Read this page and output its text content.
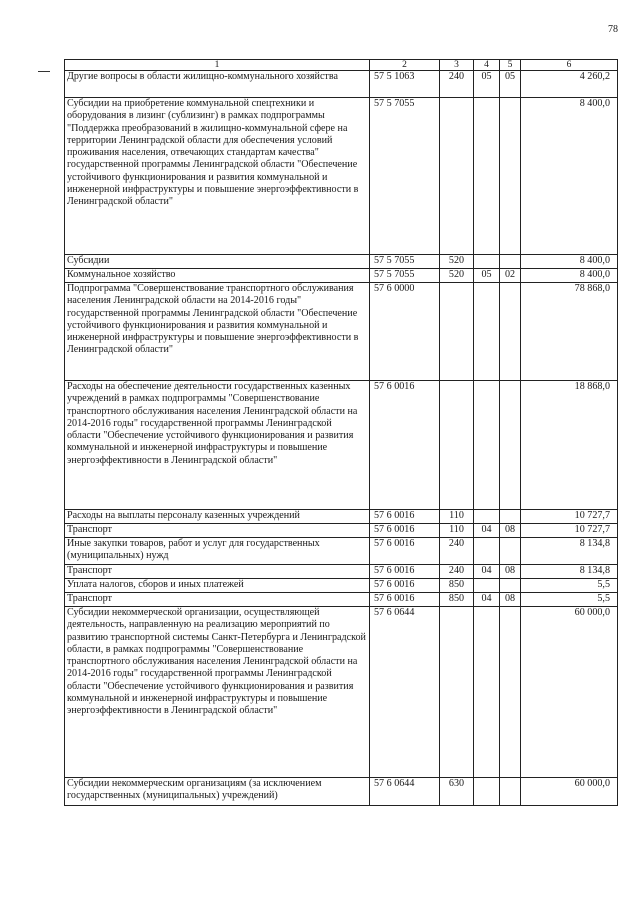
78
1	2	3	4	5	6
Другие вопросы в области жилищно-коммунального хозяйства	57 5 1063	240	05	05	4 260,2
Субсидии на приобретение коммунальной спецтехники и оборудования в лизинг (сублизинг) в рамках подпрограммы "Поддержка преобразований в жилищно-коммунальной сфере на территории Ленинградской области для обеспечения условий проживания населения, отвечающих стандартам качества" государственной программы Ленинградской области "Обеспечение устойчивого функционирования и развития коммунальной и инженерной инфраструктуры и повышение энергоэффективности в Ленинградской области"	57 5 7055				8 400,0
Субсидии	57 5 7055	520			8 400,0
Коммунальное хозяйство	57 5 7055	520	05	02	8 400,0
Подпрограмма "Совершенствование транспортного обслуживания населения Ленинградской области на 2014-2016 годы" государственной программы Ленинградской области "Обеспечение устойчивого функционирования и развития коммунальной и инженерной инфраструктуры и повышение энергоэффективности в Ленинградской области"	57 6 0000				78 868,0
Расходы на обеспечение деятельности государственных казенных учреждений в рамках подпрограммы "Совершенствование транспортного обслуживания населения Ленинградской области на 2014-2016 годы" государственной программы Ленинградской области "Обеспечение устойчивого функционирования и развития коммунальной и инженерной инфраструктуры и повышение энергоэффективности в Ленинградской области"	57 6 0016				18 868,0
Расходы на выплаты персоналу казенных учреждений	57 6 0016	110			10 727,7
Транспорт	57 6 0016	110	04	08	10 727,7
Иные закупки товаров, работ и услуг для государственных (муниципальных) нужд	57 6 0016	240			8 134,8
Транспорт	57 6 0016	240	04	08	8 134,8
Уплата налогов, сборов и иных платежей	57 6 0016	850			5,5
Транспорт	57 6 0016	850	04	08	5,5
Субсидии некоммерческой организации, осуществляющей деятельность, направленную на реализацию мероприятий по развитию транспортной системы Санкт-Петербурга и Ленинградской области, в рамках подпрограммы "Совершенствование транспортного обслуживания населения Ленинградской области на 2014-2016 годы" государственной программы Ленинградской области "Обеспечение устойчивого функционирования и развития коммунальной и инженерной инфраструктуры и повышение энергоэффективности в Ленинградской области"	57 6 0644				60 000,0
Субсидии некоммерческим организациям (за исключением государственных (муниципальных) учреждений)	57 6 0644	630			60 000,0
